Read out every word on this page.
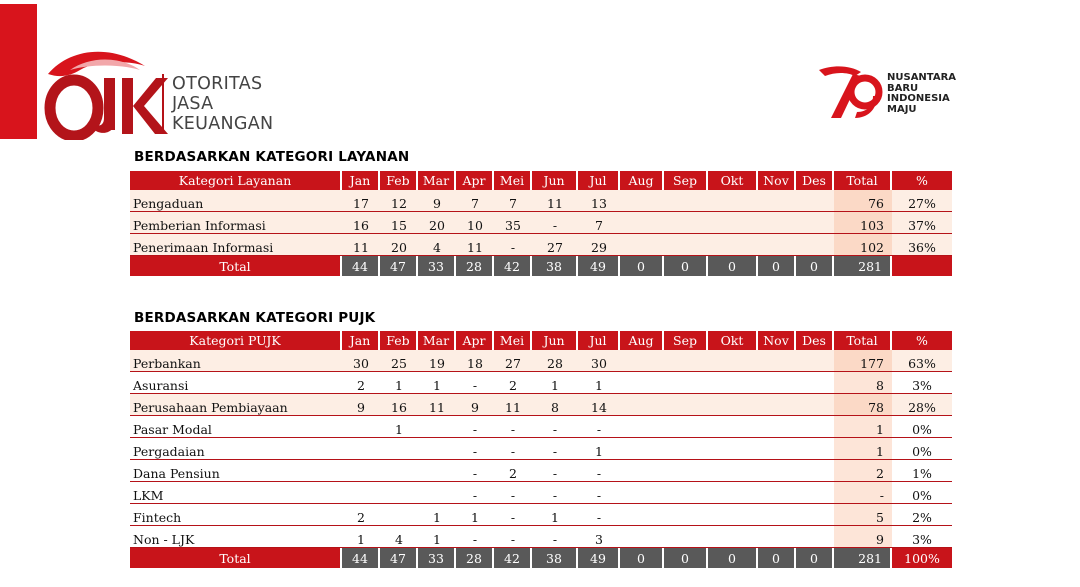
OTORITAS
JASA
KEUANGAN
NUSANTARA
BARU
INDONESIA
MAJU
BERDASARKAN KATEGORI LAYANAN
Kategori Layanan	Jan	Feb	Mar	Apr	Mei	Jun	Jul	Aug	Sep	Okt	Nov	Des	Total	%
Pengaduan	17	12	9	7	7	11	13						76	27%
Pemberian Informasi	16	15	20	10	35	-	7						103	37%
Penerimaan Informasi	11	20	4	11	-	27	29						102	36%
Total	44	47	33	28	42	38	49	0	0	0	0	0	281	
BERDASARKAN KATEGORI PUJK
Kategori PUJK	Jan	Feb	Mar	Apr	Mei	Jun	Jul	Aug	Sep	Okt	Nov	Des	Total	%
Perbankan	30	25	19	18	27	28	30						177	63%
Asuransi	2	1	1	-	2	1	1						8	3%
Perusahaan Pembiayaan	9	16	11	9	11	8	14						78	28%
Pasar Modal		1		-	-	-	-						1	0%
Pergadaian				-	-	-	1						1	0%
Dana Pensiun				-	2	-	-						2	1%
LKM				-	-	-	-						-	0%
Fintech	2		1	1	-	1	-						5	2%
Non - LJK	1	4	1	-	-	-	3						9	3%
Total	44	47	33	28	42	38	49	0	0	0	0	0	281	100%
